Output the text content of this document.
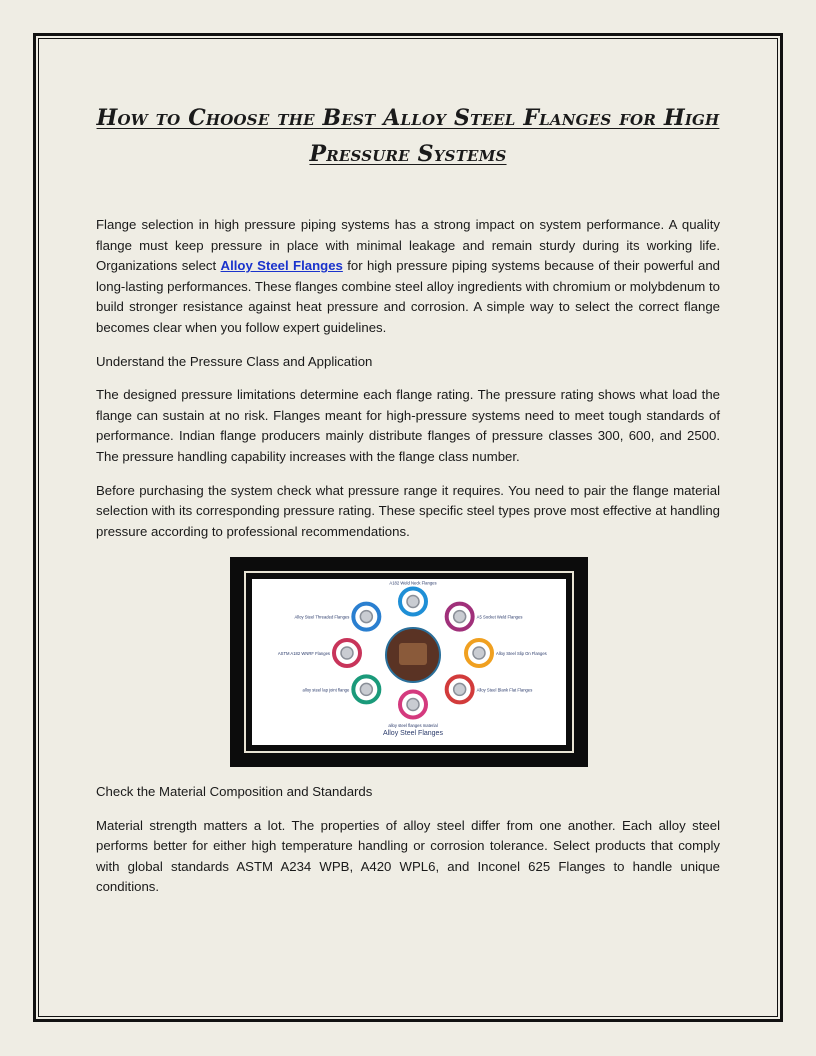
How to Choose the Best Alloy Steel Flanges for High Pressure Systems

Flange selection in high pressure piping systems has a strong impact on system performance. A quality flange must keep pressure in place with minimal leakage and remain sturdy during its working life. Organizations select Alloy Steel Flanges for high pressure piping systems because of their powerful and long-lasting performances. These flanges combine steel alloy ingredients with chromium or molybdenum to build stronger resistance against heat pressure and corrosion. A simple way to select the correct flange becomes clear when you follow expert guidelines.

Understand the Pressure Class and Application

The designed pressure limitations determine each flange rating. The pressure rating shows what load the flange can sustain at no risk. Flanges meant for high-pressure systems need to meet tough standards of performance. Indian flange producers mainly distribute flanges of pressure classes 300, 600, and 2500. The pressure handling capability increases with the flange class number.

Before purchasing the system check what pressure range it requires. You need to pair the flange material selection with its corresponding pressure rating. These specific steel types prove most effective at handling pressure according to professional recommendations.

A182 Weld Neck Flanges
A5 Socket Weld Flanges
Alloy Steel Slip On Flanges
Alloy Steel Blank Flat Flanges
alloy steel lap joint flange
ASTM A182 WNRF Flanges
Alloy Steel Threaded Flanges
alloy steel flanges material
Alloy Steel Flanges

Check the Material Composition and Standards

Material strength matters a lot. The properties of alloy steel differ from one another. Each alloy steel performs better for either high temperature handling or corrosion tolerance. Select products that comply with global standards ASTM A234 WPB, A420 WPL6, and Inconel 625 Flanges to handle unique conditions.
